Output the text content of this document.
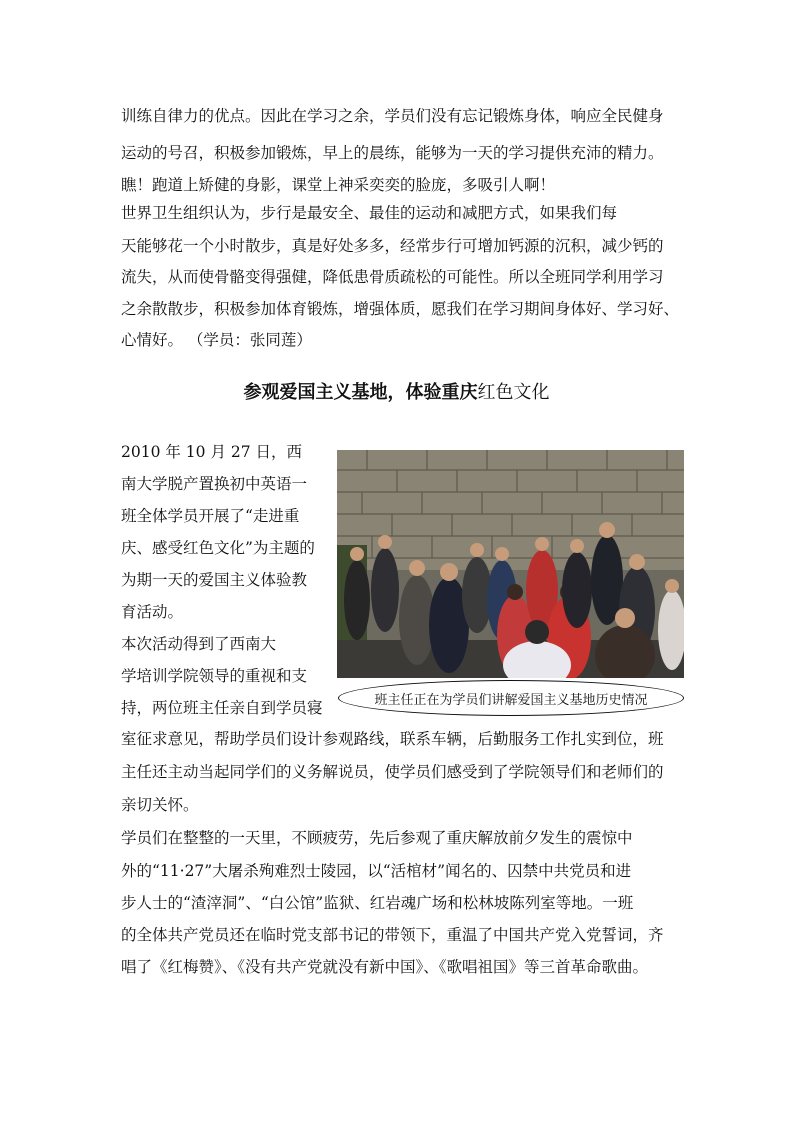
训练自律力的优点。因此在学习之余，学员们没有忘记锻炼身体，响应全民健身
运动的号召，积极参加锻炼，早上的晨练，能够为一天的学习提供充沛的精力。
瞧！跑道上矫健的身影，课堂上神采奕奕的脸庞，多吸引人啊！
世界卫生组织认为，步行是最安全、最佳的运动和减肥方式，如果我们每
天能够花一个小时散步，真是好处多多，经常步行可增加钙源的沉积，减少钙的
流失，从而使骨骼变得强健，降低患骨质疏松的可能性。所以全班同学利用学习
之余散散步，积极参加体育锻炼，增强体质，愿我们在学习期间身体好、学习好、
心情好。 （学员：张同莲）
参观爱国主义基地，体验重庆红色文化
2010 年 10 月 27 日，西
南大学脱产置换初中英语一
班全体学员开展了“走进重
庆、感受红色文化”为主题的
为期一天的爱国主义体验教
育活动。
本次活动得到了西南大
学培训学院领导的重视和支
持，两位班主任亲自到学员寝	班主任正在为学员们讲解爱国主义基地历史情况
室征求意见，帮助学员们设计参观路线，联系车辆，后勤服务工作扎实到位，班
主任还主动当起同学们的义务解说员，使学员们感受到了学院领导们和老师们的
亲切关怀。
学员们在整整的一天里，不顾疲劳，先后参观了重庆解放前夕发生的震惊中
外的“11·27”大屠杀殉难烈士陵园，以“活棺材”闻名的、囚禁中共党员和进
步人士的“渣滓洞”、“白公馆”监狱、红岩魂广场和松林坡陈列室等地。一班
的全体共产党员还在临时党支部书记的带领下，重温了中国共产党入党誓词，齐
唱了《红梅赞》、《没有共产党就没有新中国》、《歌唱祖国》等三首革命歌曲。
